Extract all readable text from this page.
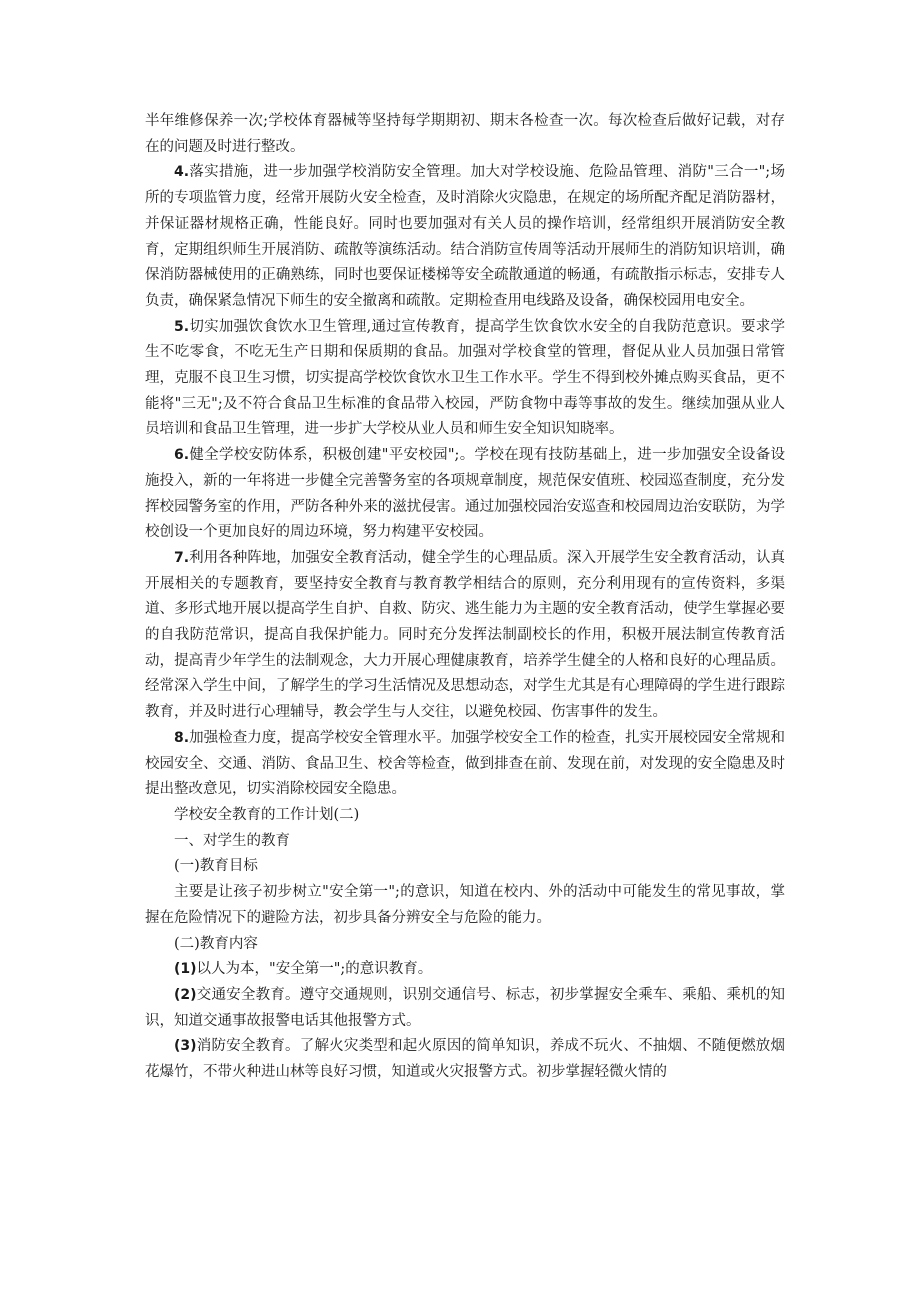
半年维修保养一次;学校体育器械等坚持每学期期初、期末各检查一次。每次检查后做好记载，对存在的问题及时进行整改。

4.落实措施，进一步加强学校消防安全管理。加大对学校设施、危险品管理、消防"三合一";场所的专项监管力度，经常开展防火安全检查，及时消除火灾隐患，在规定的场所配齐配足消防器材，并保证器材规格正确，性能良好。同时也要加强对有关人员的操作培训，经常组织开展消防安全教育，定期组织师生开展消防、疏散等演练活动。结合消防宣传周等活动开展师生的消防知识培训，确保消防器械使用的正确熟练，同时也要保证楼梯等安全疏散通道的畅通，有疏散指示标志，安排专人负责，确保紧急情况下师生的安全撤离和疏散。定期检查用电线路及设备，确保校园用电安全。

5.切实加强饮食饮水卫生管理,通过宣传教育，提高学生饮食饮水安全的自我防范意识。要求学生不吃零食，不吃无生产日期和保质期的食品。加强对学校食堂的管理，督促从业人员加强日常管理，克服不良卫生习惯，切实提高学校饮食饮水卫生工作水平。学生不得到校外摊点购买食品，更不能将"三无";及不符合食品卫生标准的食品带入校园，严防食物中毒等事故的发生。继续加强从业人员培训和食品卫生管理，进一步扩大学校从业人员和师生安全知识知晓率。

6.健全学校安防体系，积极创建"平安校园";。学校在现有技防基础上，进一步加强安全设备设施投入，新的一年将进一步健全完善警务室的各项规章制度，规范保安值班、校园巡查制度，充分发挥校园警务室的作用，严防各种外来的滋扰侵害。通过加强校园治安巡查和校园周边治安联防，为学校创设一个更加良好的周边环境，努力构建平安校园。

7.利用各种阵地，加强安全教育活动，健全学生的心理品质。深入开展学生安全教育活动，认真开展相关的专题教育，要坚持安全教育与教育教学相结合的原则，充分利用现有的宣传资料，多渠道、多形式地开展以提高学生自护、自救、防灾、逃生能力为主题的安全教育活动，使学生掌握必要的自我防范常识，提高自我保护能力。同时充分发挥法制副校长的作用，积极开展法制宣传教育活动，提高青少年学生的法制观念，大力开展心理健康教育，培养学生健全的人格和良好的心理品质。经常深入学生中间，了解学生的学习生活情况及思想动态，对学生尤其是有心理障碍的学生进行跟踪教育，并及时进行心理辅导，教会学生与人交往，以避免校园、伤害事件的发生。

8.加强检查力度，提高学校安全管理水平。加强学校安全工作的检查，扎实开展校园安全常规和校园安全、交通、消防、食品卫生、校舍等检查，做到排查在前、发现在前，对发现的安全隐患及时提出整改意见，切实消除校园安全隐患。

学校安全教育的工作计划(二)

一、对学生的教育

(一)教育目标

主要是让孩子初步树立"安全第一";的意识，知道在校内、外的活动中可能发生的常见事故，掌握在危险情况下的避险方法，初步具备分辨安全与危险的能力。

(二)教育内容

(1)以人为本，"安全第一";的意识教育。

(2)交通安全教育。遵守交通规则，识别交通信号、标志，初步掌握安全乘车、乘船、乘机的知识，知道交通事故报警电话其他报警方式。

(3)消防安全教育。了解火灾类型和起火原因的简单知识，养成不玩火、不抽烟、不随便燃放烟花爆竹，不带火种进山林等良好习惯，知道或火灾报警方式。初步掌握轻微火情的
